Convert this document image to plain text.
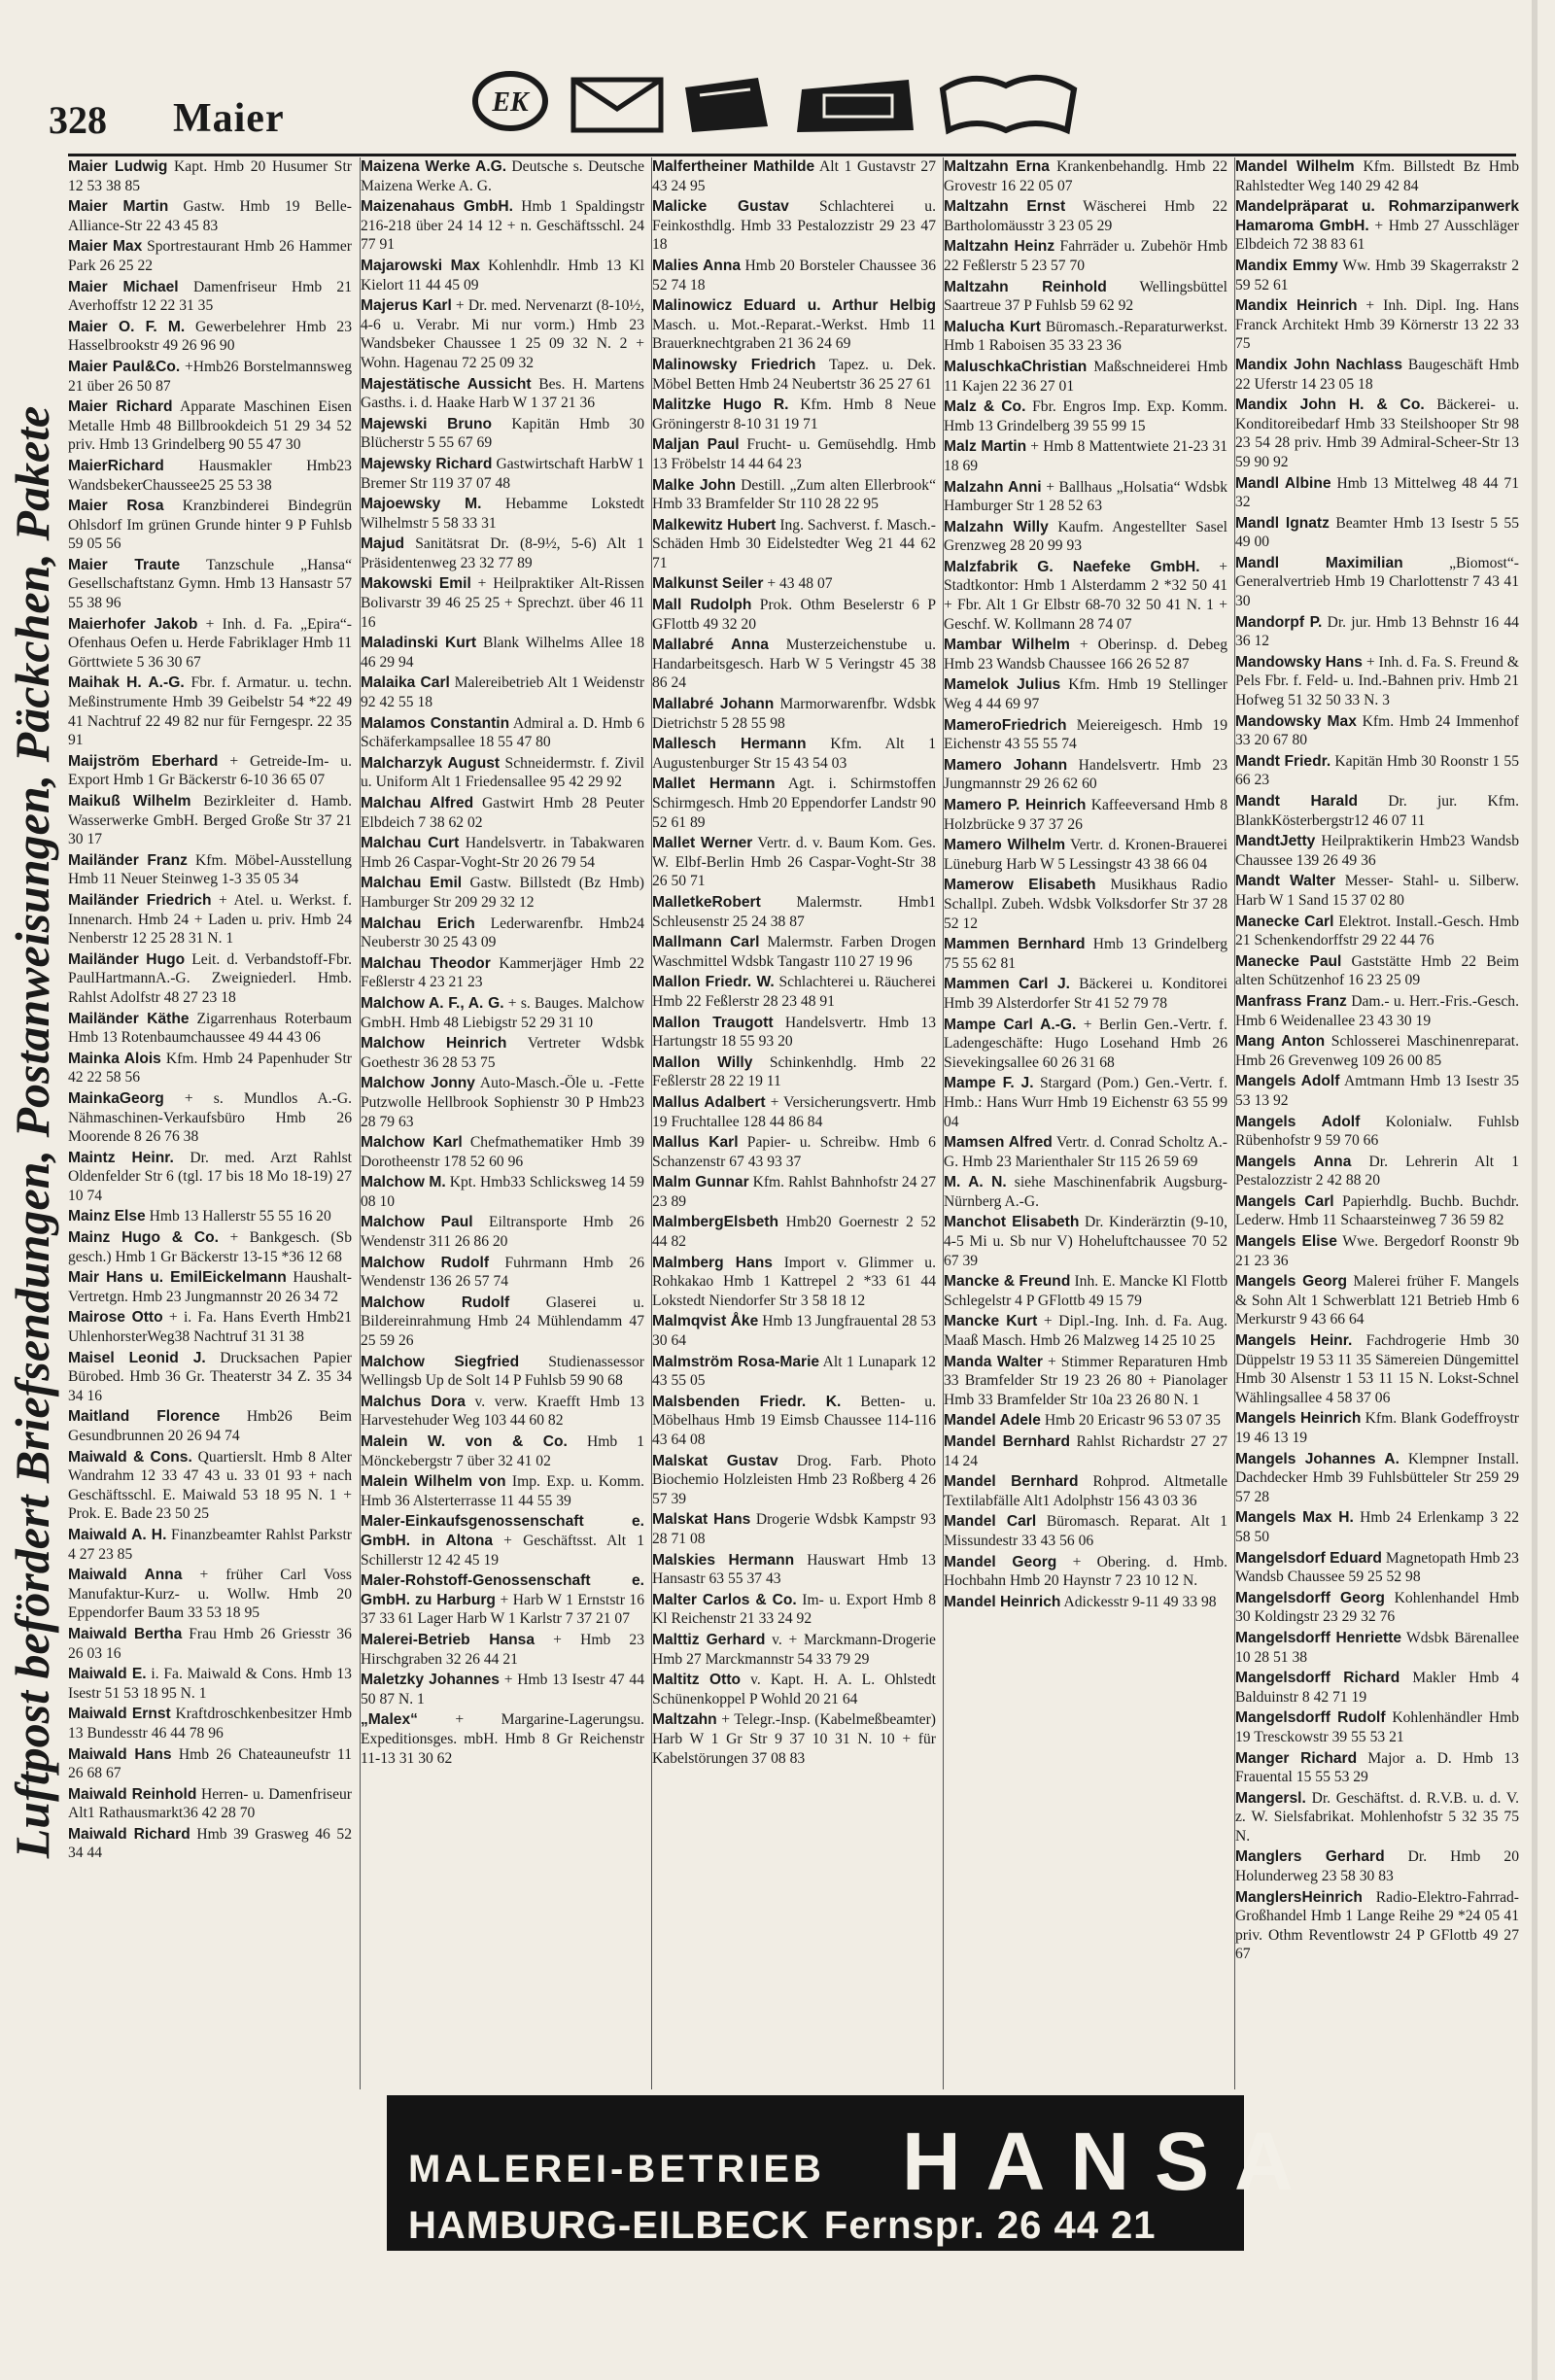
328 Maier	EK
Luftpost befördert Briefsendungen, Postanweisungen, Päckchen, Pakete
Maier Ludwig Kapt. Hmb 20 Husumer Str 12 53 38 85
Maier Martin Gastw. Hmb 19 Belle-Alliance-Str 22 43 45 83
Maier Max Sportrestaurant Hmb 26 Hammer Park 26 25 22
Maier Michael Damenfriseur Hmb 21 Averhoffstr 12 22 31 35
Maier O. F. M. Gewerbelehrer Hmb 23 Hasselbrookstr 49 26 96 90
Maier Paul&Co. +Hmb26 Borstelmannsweg 21 über 26 50 87
Maier Richard Apparate Maschinen Eisen Metalle Hmb 48 Billbrookdeich 51 29 34 52 priv. Hmb 13 Grindelberg 90 55 47 30
MaierRichard Hausmakler Hmb23 WandsbekerChaussee25 25 53 38
Maier Rosa Kranzbinderei Bindegrün Ohlsdorf Im grünen Grunde hinter 9 P Fuhlsb 59 05 56
Maier Traute Tanzschule „Hansa“ Gesellschaftstanz Gymn. Hmb 13 Hansastr 57 55 38 96
Maierhofer Jakob + Inh. d. Fa. „Epira“-Ofenhaus Oefen u. Herde Fabriklager Hmb 11 Görttwiete 5 36 30 67
Maihak H. A.-G. Fbr. f. Armatur. u. techn. Meßinstrumente Hmb 39 Geibelstr 54 *22 49 41 Nachtruf 22 49 82 nur für Ferngespr. 22 35 91
Maijström Eberhard + Getreide-Im- u. Export Hmb 1 Gr Bäckerstr 6-10 36 65 07
Maikuß Wilhelm Bezirkleiter d. Hamb. Wasserwerke GmbH. Berged Große Str 37 21 30 17
Mailänder Franz Kfm. Möbel-Ausstellung Hmb 11 Neuer Steinweg 1-3 35 05 34
Mailänder Friedrich + Atel. u. Werkst. f. Innenarch. Hmb 24 + Laden u. priv. Hmb 24 Nenberstr 12 25 28 31 N. 1
Mailänder Hugo Leit. d. Verbandstoff-Fbr. PaulHartmannA.-G. Zweigniederl. Hmb. Rahlst Adolfstr 48 27 23 18
Mailänder Käthe Zigarrenhaus Roterbaum Hmb 13 Rotenbaumchaussee 49 44 43 06
Mainka Alois Kfm. Hmb 24 Papenhuder Str 42 22 58 56
MainkaGeorg + s. Mundlos A.-G. Nähmaschinen-Verkaufsbüro Hmb 26 Moorende 8 26 76 38
Maintz Heinr. Dr. med. Arzt Rahlst Oldenfelder Str 6 (tgl. 17 bis 18 Mo 18-19) 27 10 74
Mainz Else Hmb 13 Hallerstr 55 55 16 20
Mainz Hugo & Co. + Bankgesch. (Sb gesch.) Hmb 1 Gr Bäckerstr 13-15 *36 12 68
Mair Hans u. EmilEickelmann Haushalt-Vertretgn. Hmb 23 Jungmannstr 20 26 34 72
Mairose Otto + i. Fa. Hans Everth Hmb21 UhlenhorsterWeg38 Nachtruf 31 31 38
Maisel Leonid J. Drucksachen Papier Bürobed. Hmb 36 Gr. Theaterstr 34 Z. 35 34 34 16
Maitland Florence Hmb26 Beim Gesundbrunnen 20 26 94 74
Maiwald & Cons. Quartierslt. Hmb 8 Alter Wandrahm 12 33 47 43 u. 33 01 93 + nach Geschäftsschl. E. Maiwald 53 18 95 N. 1 + Prok. E. Bade 23 50 25
Maiwald A. H. Finanzbeamter Rahlst Parkstr 4 27 23 85
Maiwald Anna + früher Carl Voss Manufaktur-Kurz- u. Wollw. Hmb 20 Eppendorfer Baum 33 53 18 95
Maiwald Bertha Frau Hmb 26 Griesstr 36 26 03 16
Maiwald E. i. Fa. Maiwald & Cons. Hmb 13 Isestr 51 53 18 95 N. 1
Maiwald Ernst Kraftdroschkenbesitzer Hmb 13 Bundesstr 46 44 78 96
Maiwald Hans Hmb 26 Chateauneufstr 11 26 68 67
Maiwald Reinhold Herren- u. Damenfriseur Alt1 Rathausmarkt36 42 28 70
Maiwald Richard Hmb 39 Grasweg 46 52 34 44
Maizena Werke A.G. Deutsche s. Deutsche Maizena Werke A. G.
Maizenahaus GmbH. Hmb 1 Spaldingstr 216-218 über 24 14 12 + n. Geschäftsschl. 24 77 91
Majarowski Max Kohlenhdlr. Hmb 13 Kl Kielort 11 44 45 09
Majerus Karl + Dr. med. Nervenarzt (8-10½, 4-6 u. Verabr. Mi nur vorm.) Hmb 23 Wandsbeker Chaussee 1 25 09 32 N. 2 + Wohn. Hagenau 72 25 09 32
Majestätische Aussicht Bes. H. Martens Gasths. i. d. Haake Harb W 1 37 21 36
Majewski Bruno Kapitän Hmb 30 Blücherstr 5 55 67 69
Majewsky Richard Gastwirtschaft HarbW 1 Bremer Str 119 37 07 48
Majoewsky M. Hebamme Lokstedt Wilhelmstr 5 58 33 31
Majud Sanitätsrat Dr. (8-9½, 5-6) Alt 1 Präsidentenweg 23 32 77 89
Makowski Emil + Heilpraktiker Alt-Rissen Bolivarstr 39 46 25 25 + Sprechzt. über 46 11 16
Maladinski Kurt Blank Wilhelms Allee 18 46 29 94
Malaika Carl Malereibetrieb Alt 1 Weidenstr 92 42 55 18
Malamos Constantin Admiral a. D. Hmb 6 Schäferkampsallee 18 55 47 80
Malcharzyk August Schneidermstr. f. Zivil u. Uniform Alt 1 Friedensallee 95 42 29 92
Malchau Alfred Gastwirt Hmb 28 Peuter Elbdeich 7 38 62 02
Malchau Curt Handelsvertr. in Tabakwaren Hmb 26 Caspar-Voght-Str 20 26 79 54
Malchau Emil Gastw. Billstedt (Bz Hmb) Hamburger Str 209 29 32 12
Malchau Erich Lederwarenfbr. Hmb24 Neuberstr 30 25 43 09
Malchau Theodor Kammerjäger Hmb 22 Feßlerstr 4 23 21 23
Malchow A. F., A. G. + s. Bauges. Malchow GmbH. Hmb 48 Liebigstr 52 29 31 10
Malchow Heinrich Vertreter Wdsbk Goethestr 36 28 53 75
Malchow Jonny Auto-Masch.-Öle u. -Fette Putzwolle Hellbrook Sophienstr 30 P Hmb23 28 79 63
Malchow Karl Chefmathematiker Hmb 39 Dorotheenstr 178 52 60 96
Malchow M. Kpt. Hmb33 Schlicksweg 14 59 08 10
Malchow Paul Eiltransporte Hmb 26 Wendenstr 311 26 86 20
Malchow Rudolf Fuhrmann Hmb 26 Wendenstr 136 26 57 74
Malchow Rudolf Glaserei u. Bildereinrahmung Hmb 24 Mühlendamm 47 25 59 26
Malchow Siegfried Studienassessor Wellingsb Up de Solt 14 P Fuhlsb 59 90 68
Malchus Dora v. verw. Kraefft Hmb 13 Harvestehuder Weg 103 44 60 82
Malein W. von & Co. Hmb 1 Mönckebergstr 7 über 32 41 02
Malein Wilhelm von Imp. Exp. u. Komm. Hmb 36 Alsterterrasse 11 44 55 39
Maler-Einkaufsgenossenschaft e. GmbH. in Altona + Geschäftsst. Alt 1 Schillerstr 12 42 45 19
Maler-Rohstoff-Genossenschaft e. GmbH. zu Harburg + Harb W 1 Ernststr 16 37 33 61 Lager Harb W 1 Karlstr 7 37 21 07
Malerei-Betrieb Hansa + Hmb 23 Hirschgraben 32 26 44 21
Maletzky Johannes + Hmb 13 Isestr 47 44 50 87 N. 1
„Malex“ + Margarine-Lagerungsu. Expeditionsges. mbH. Hmb 8 Gr Reichenstr 11-13 31 30 62
Malfertheiner Mathilde Alt 1 Gustavstr 27 43 24 95
Malicke Gustav Schlachterei u. Feinkosthdlg. Hmb 33 Pestalozzistr 29 23 47 18
Malies Anna Hmb 20 Borsteler Chaussee 36 52 74 18
Malinowicz Eduard u. Arthur Helbig Masch. u. Mot.-Reparat.-Werkst. Hmb 11 Brauerknechtgraben 21 36 24 69
Malinowsky Friedrich Tapez. u. Dek. Möbel Betten Hmb 24 Neubertstr 36 25 27 61
Malitzke Hugo R. Kfm. Hmb 8 Neue Gröningerstr 8-10 31 19 71
Maljan Paul Frucht- u. Gemüsehdlg. Hmb 13 Fröbelstr 14 44 64 23
Malke John Destill. „Zum alten Ellerbrook“ Hmb 33 Bramfelder Str 110 28 22 95
Malkewitz Hubert Ing. Sachverst. f. Masch.-Schäden Hmb 30 Eidelstedter Weg 21 44 62 71
Malkunst Seiler + 43 48 07
Mall Rudolph Prok. Othm Beselerstr 6 P GFlottb 49 32 20
Mallabré Anna Musterzeichenstube u. Handarbeitsgesch. Harb W 5 Veringstr 45 38 86 24
Mallabré Johann Marmorwarenfbr. Wdsbk Dietrichstr 5 28 55 98
Mallesch Hermann Kfm. Alt 1 Augustenburger Str 15 43 54 03
Mallet Hermann Agt. i. Schirmstoffen Schirmgesch. Hmb 20 Eppendorfer Landstr 90 52 61 89
Mallet Werner Vertr. d. v. Baum Kom. Ges. W. Elbf-Berlin Hmb 26 Caspar-Voght-Str 38 26 50 71
MalletkeRobert Malermstr. Hmb1 Schleusenstr 25 24 38 87
Mallmann Carl Malermstr. Farben Drogen Waschmittel Wdsbk Tangastr 110 27 19 96
Mallon Friedr. W. Schlachterei u. Räucherei Hmb 22 Feßlerstr 28 23 48 91
Mallon Traugott Handelsvertr. Hmb 13 Hartungstr 18 55 93 20
Mallon Willy Schinkenhdlg. Hmb 22 Feßlerstr 28 22 19 11
Mallus Adalbert + Versicherungsvertr. Hmb 19 Fruchtallee 128 44 86 84
Mallus Karl Papier- u. Schreibw. Hmb 6 Schanzenstr 67 43 93 37
Malm Gunnar Kfm. Rahlst Bahnhofstr 24 27 23 89
MalmbergElsbeth Hmb20 Goernestr 2 52 44 82
Malmberg Hans Import v. Glimmer u. Rohkakao Hmb 1 Kattrepel 2 *33 61 44 Lokstedt Niendorfer Str 3 58 18 12
Malmqvist Åke Hmb 13 Jungfrauental 28 53 30 64
Malmström Rosa-Marie Alt 1 Lunapark 12 43 55 05
Malsbenden Friedr. K. Betten- u. Möbelhaus Hmb 19 Eimsb Chaussee 114-116 43 64 08
Malskat Gustav Drog. Farb. Photo Biochemio Holzleisten Hmb 23 Roßberg 4 26 57 39
Malskat Hans Drogerie Wdsbk Kampstr 93 28 71 08
Malskies Hermann Hauswart Hmb 13 Hansastr 63 55 37 43
Malter Carlos & Co. Im- u. Export Hmb 8 Kl Reichenstr 21 33 24 92
Malttiz Gerhard v. + Marckmann-Drogerie Hmb 27 Marckmannstr 54 33 79 29
Maltitz Otto v. Kapt. H. A. L. Ohlstedt Schünenkoppel P Wohld 20 21 64
Maltzahn + Telegr.-Insp. (Kabelmeßbeamter) Harb W 1 Gr Str 9 37 10 31 N. 10 + für Kabelstörungen 37 08 83
Maltzahn Erna Krankenbehandlg. Hmb 22 Grovestr 16 22 05 07
Maltzahn Ernst Wäscherei Hmb 22 Bartholomäusstr 3 23 05 29
Maltzahn Heinz Fahrräder u. Zubehör Hmb 22 Feßlerstr 5 23 57 70
Maltzahn Reinhold Wellingsbüttel Saartreue 37 P Fuhlsb 59 62 92
Malucha Kurt Büromasch.-Reparaturwerkst. Hmb 1 Raboisen 35 33 23 36
MaluschkaChristian Maßschneiderei Hmb 11 Kajen 22 36 27 01
Malz & Co. Fbr. Engros Imp. Exp. Komm. Hmb 13 Grindelberg 39 55 99 15
Malz Martin + Hmb 8 Mattentwiete 21-23 31 18 69
Malzahn Anni + Ballhaus „Holsatia“ Wdsbk Hamburger Str 1 28 52 63
Malzahn Willy Kaufm. Angestellter Sasel Grenzweg 28 20 99 93
Malzfabrik G. Naefeke GmbH. + Stadtkontor: Hmb 1 Alsterdamm 2 *32 50 41 + Fbr. Alt 1 Gr Elbstr 68-70 32 50 41 N. 1 + Geschf. W. Kollmann 28 74 07
Mambar Wilhelm + Oberinsp. d. Debeg Hmb 23 Wandsb Chaussee 166 26 52 87
Mamelok Julius Kfm. Hmb 19 Stellinger Weg 4 44 69 97
MameroFriedrich Meiereigesch. Hmb 19 Eichenstr 43 55 55 74
Mamero Johann Handelsvertr. Hmb 23 Jungmannstr 29 26 62 60
Mamero P. Heinrich Kaffeeversand Hmb 8 Holzbrücke 9 37 37 26
Mamero Wilhelm Vertr. d. Kronen-Brauerei Lüneburg Harb W 5 Lessingstr 43 38 66 04
Mamerow Elisabeth Musikhaus Radio Schallpl. Zubeh. Wdsbk Volksdorfer Str 37 28 52 12
Mammen Bernhard Hmb 13 Grindelberg 75 55 62 81
Mammen Carl J. Bäckerei u. Konditorei Hmb 39 Alsterdorfer Str 41 52 79 78
Mampe Carl A.-G. + Berlin Gen.-Vertr. f. Ladengeschäfte: Hugo Losehand Hmb 26 Sievekingsallee 60 26 31 68
Mampe F. J. Stargard (Pom.) Gen.-Vertr. f. Hmb.: Hans Wurr Hmb 19 Eichenstr 63 55 99 04
Mamsen Alfred Vertr. d. Conrad Scholtz A.-G. Hmb 23 Marienthaler Str 115 26 59 69
M. A. N. siehe Maschinenfabrik Augsburg-Nürnberg A.-G.
Manchot Elisabeth Dr. Kinderärztin (9-10, 4-5 Mi u. Sb nur V) Hoheluftchaussee 70 52 67 39
Mancke & Freund Inh. E. Mancke Kl Flottb Schlegelstr 4 P GFlottb 49 15 79
Mancke Kurt + Dipl.-Ing. Inh. d. Fa. Aug. Maaß Masch. Hmb 26 Malzweg 14 25 10 25
Manda Walter + Stimmer Reparaturen Hmb 33 Bramfelder Str 19 23 26 80 + Pianolager Hmb 33 Bramfelder Str 10a 23 26 80 N. 1
Mandel Adele Hmb 20 Ericastr 96 53 07 35
Mandel Bernhard Rahlst Richardstr 27 27 14 24
Mandel Bernhard Rohprod. Altmetalle Textilabfälle Alt1 Adolphstr 156 43 03 36
Mandel Carl Büromasch. Reparat. Alt 1 Missundestr 33 43 56 06
Mandel Georg + Obering. d. Hmb. Hochbahn Hmb 20 Haynstr 7 23 10 12 N.
Mandel Heinrich Adickesstr 9-11 49 33 98
Mandel Wilhelm Kfm. Billstedt Bz Hmb Rahlstedter Weg 140 29 42 84
Mandelpräparat u. Rohmarzipanwerk Hamaroma GmbH. + Hmb 27 Ausschläger Elbdeich 72 38 83 61
Mandix Emmy Ww. Hmb 39 Skagerrakstr 2 59 52 61
Mandix Heinrich + Inh. Dipl. Ing. Hans Franck Architekt Hmb 39 Körnerstr 13 22 33 75
Mandix John Nachlass Baugeschäft Hmb 22 Uferstr 14 23 05 18
Mandix John H. & Co. Bäckerei- u. Konditoreibedarf Hmb 33 Steilshooper Str 98 23 54 28 priv. Hmb 39 Admiral-Scheer-Str 13 59 90 92
Mandl Albine Hmb 13 Mittelweg 48 44 71 32
Mandl Ignatz Beamter Hmb 13 Isestr 5 55 49 00
Mandl Maximilian	„Biomost“-Generalvertrieb Hmb 19 Charlottenstr 7 43 41 30
Mandorpf P. Dr. jur. Hmb 13 Behnstr 16 44 36 12
Mandowsky Hans + Inh. d. Fa. S. Freund & Pels Fbr. f. Feld- u. Ind.-Bahnen priv. Hmb 21 Hofweg 51 32 50 33 N. 3
Mandowsky Max Kfm. Hmb 24 Immenhof 33 20 67 80
Mandt Friedr. Kapitän Hmb 30 Roonstr 1 55 66 23
Mandt Harald Dr. jur. Kfm. BlankKösterbergstr12 46 07 11
MandtJetty Heilpraktikerin Hmb23 Wandsb Chaussee 139 26 49 36
Mandt Walter Messer- Stahl- u. Silberw. Harb W 1 Sand 15 37 02 80
Manecke Carl Elektrot. Install.-Gesch. Hmb 21 Schenkendorffstr 29 22 44 76
Manecke Paul Gaststätte Hmb 22 Beim alten Schützenhof 16 23 25 09
Manfrass Franz Dam.- u. Herr.-Fris.-Gesch. Hmb 6 Weidenallee 23 43 30 19
Mang Anton Schlosserei Maschinenreparat. Hmb 26 Grevenweg 109 26 00 85
Mangels Adolf Amtmann Hmb 13 Isestr 35 53 13 92
Mangels Adolf Kolonialw. Fuhlsb Rübenhofstr 9 59 70 66
Mangels Anna Dr. Lehrerin Alt 1 Pestalozzistr 2 42 88 20
Mangels Carl Papierhdlg. Buchb. Buchdr. Lederw. Hmb 11 Schaarsteinweg 7 36 59 82
Mangels Elise Wwe. Bergedorf Roonstr 9b 21 23 36
Mangels Georg Malerei früher F. Mangels & Sohn Alt 1 Schwerblatt 121 Betrieb Hmb 6 Merkurstr 9 43 66 64
Mangels Heinr. Fachdrogerie Hmb 30 Düppelstr 19 53 11 35 Sämereien Düngemittel Hmb 30 Alsenstr 1 53 11 15 N. Lokst-Schnel Wählingsallee 4 58 37 06
Mangels Heinrich Kfm. Blank Godeffroystr 19 46 13 19
Mangels Johannes A. Klempner Install. Dachdecker Hmb 39 Fuhlsbütteler Str 259 29 57 28
Mangels Max H. Hmb 24 Erlenkamp 3 22 58 50
Mangelsdorf Eduard Magnetopath Hmb 23 Wandsb Chaussee 59 25 52 98
Mangelsdorff Georg Kohlenhandel Hmb 30 Koldingstr 23 29 32 76
Mangelsdorff Henriette Wdsbk Bärenallee 10 28 51 38
Mangelsdorff Richard Makler Hmb 4 Balduinstr 8 42 71 19
Mangelsdorff Rudolf Kohlenhändler Hmb 19 Tresckowstr 39 55 53 21
Manger Richard Major a. D. Hmb 13 Frauental 15 55 53 29
Mangersl. Dr. Geschäftst. d. R.V.B. u. d. V. z. W. Sielsfabrikat. Mohlenhofstr 5 32 35 75 N.
Manglers Gerhard Dr. Hmb 20 Holunderweg 23 58 30 83
ManglersHeinrich Radio-Elektro-Fahrrad-Großhandel Hmb 1 Lange Reihe 29 *24 05 41 priv. Othm Reventlowstr 24 P GFlottb 49 27 67
MALEREI-BETRIEB HANSA
HAMBURG-EILBECK Fernspr. 26 44 21
